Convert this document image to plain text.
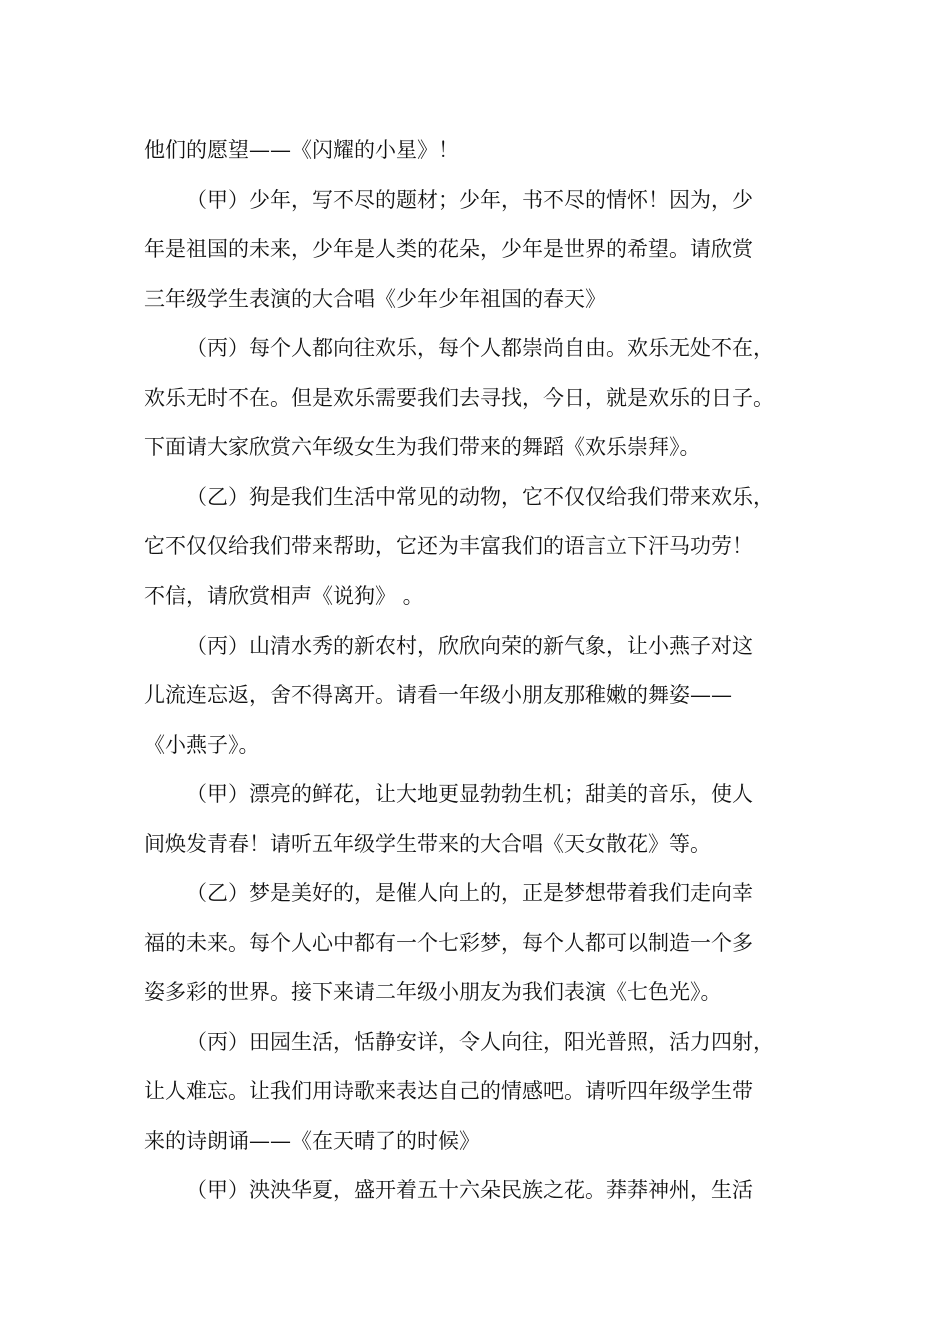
他们的愿望——《闪耀的小星》！
（甲）少年，写不尽的题材；少年，书不尽的情怀！因为，少
年是祖国的未来，少年是人类的花朵，少年是世界的希望。请欣赏
三年级学生表演的大合唱《少年少年祖国的春天》
（丙）每个人都向往欢乐，每个人都崇尚自由。欢乐无处不在，
欢乐无时不在。但是欢乐需要我们去寻找，今日，就是欢乐的日子。
下面请大家欣赏六年级女生为我们带来的舞蹈《欢乐崇拜》。
（乙）狗是我们生活中常见的动物，它不仅仅给我们带来欢乐，
它不仅仅给我们带来帮助，它还为丰富我们的语言立下汗马功劳！
不信，请欣赏相声《说狗》 。
（丙）山清水秀的新农村，欣欣向荣的新气象，让小燕子对这
儿流连忘返，舍不得离开。请看一年级小朋友那稚嫩的舞姿——
《小燕子》。
（甲）漂亮的鲜花，让大地更显勃勃生机；甜美的音乐，使人
间焕发青春！请听五年级学生带来的大合唱《天女散花》等。
（乙）梦是美好的，是催人向上的，正是梦想带着我们走向幸
福的未来。每个人心中都有一个七彩梦，每个人都可以制造一个多
姿多彩的世界。接下来请二年级小朋友为我们表演《七色光》。
（丙）田园生活，恬静安详，令人向往，阳光普照，活力四射，
让人难忘。让我们用诗歌来表达自己的情感吧。请听四年级学生带
来的诗朗诵——《在天晴了的时候》
（甲）泱泱华夏，盛开着五十六朵民族之花。莽莽神州，生活
